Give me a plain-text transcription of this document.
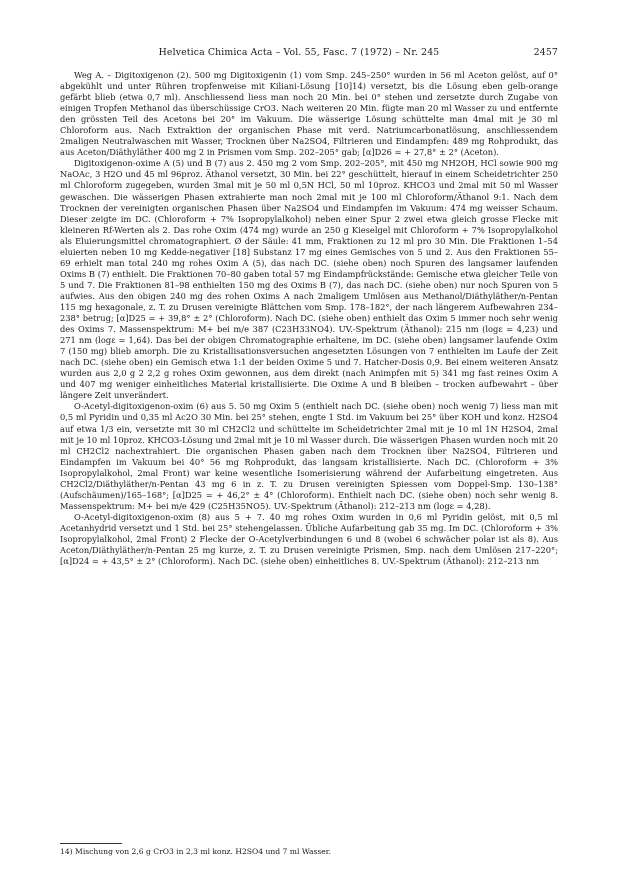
Helvetica Chimica Acta – Vol. 55, Fasc. 7 (1972) – Nr. 245	2457

Weg A. – Digitoxigenon (2). 500 mg Digitoxigenin (1) vom Smp. 245–250° wurden in 56 ml Aceton gelöst, auf 0° abgekühlt und unter Rühren tropfenweise mit Kiliani-Lösung [10]14) versetzt, bis die Lösung eben gelb-orange gefärbt blieb (etwa 0,7 ml). Anschliessend liess man noch 20 Min. bei 0° stehen und zersetzte durch Zugabe von einigen Tropfen Methanol das überschüssige CrO3. Nach weiteren 20 Min. fügte man 20 ml Wasser zu und entfernte den grössten Teil des Acetons bei 20° im Vakuum. Die wässerige Lösung schüttelte man 4mal mit je 30 ml Chloroform aus. Nach Extraktion der organischen Phase mit verd. Natriumcarbonatlösung, anschliessendem 2maligen Neutralwaschen mit Wasser, Trocknen über Na2SO4, Filtrieren und Eindampfen: 489 mg Rohprodukt, das aus Aceton/Diäthyläther 400 mg 2 in Prismen vom Smp. 202–205° gab; [α]D26 = + 27,8° ± 2° (Aceton).

Digitoxigenon-oxime A (5) und B (7) aus 2. 450 mg 2 vom Smp. 202–205°, mit 450 mg NH2OH, HCl sowie 900 mg NaOAc, 3 H2O und 45 ml 96proz. Äthanol versetzt, 30 Min. bei 22° geschüttelt, hierauf in einem Scheidetrichter 250 ml Chloroform zugegeben, wurden 3mal mit je 50 ml 0,5N HCl, 50 ml 10proz. KHCO3 und 2mal mit 50 ml Wasser gewaschen. Die wässerigen Phasen extrahierte man noch 2mal mit je 100 ml Chloroform/Äthanol 9:1. Nach dem Trocknen der vereinigten organischen Phasen über Na2SO4 und Eindampfen im Vakuum: 474 mg weisser Schaum. Dieser zeigte im DC. (Chloroform + 7% Isopropylalkohol) neben einer Spur 2 zwei etwa gleich grosse Flecke mit kleineren Rf-Werten als 2. Das rohe Oxim (474 mg) wurde an 250 g Kieselgel mit Chloroform + 7% Isopropylalkohol als Eluierungsmittel chromatographiert. Ø der Säule: 41 mm, Fraktionen zu 12 ml pro 30 Min. Die Fraktionen 1–54 eluierten neben 10 mg Kedde-negativer [18] Substanz 17 mg eines Gemisches von 5 und 2. Aus den Fraktionen 55–69 erhielt man total 240 mg rohes Oxim A (5), das nach DC. (siehe oben) noch Spuren des langsamer laufenden Oxims B (7) enthielt. Die Fraktionen 70–80 gaben total 57 mg Eindampfrückstände: Gemische etwa gleicher Teile von 5 und 7. Die Fraktionen 81–98 enthielten 150 mg des Oxims B (7), das nach DC. (siehe oben) nur noch Spuren von 5 aufwies. Aus den obigen 240 mg des rohen Oxims A nach 2maligem Umlösen aus Methanol/Diäthyläther/n-Pentan 115 mg hexagonale, z. T. zu Drusen vereinigte Blättchen vom Smp. 178–182°, der nach längerem Aufbewahren 234–238° betrug; [α]D25 = + 39,8° ± 2° (Chloroform). Nach DC. (siehe oben) enthielt das Oxim 5 immer noch sehr wenig des Oxims 7. Massenspektrum: M+ bei m/e 387 (C23H33NO4). UV.-Spektrum (Äthanol): 215 nm (logε = 4,23) und 271 nm (logε = 1,64). Das bei der obigen Chromatographie erhaltene, im DC. (siehe oben) langsamer laufende Oxim 7 (150 mg) blieb amorph. Die zu Kristallisationsversuchen angesetzten Lösungen von 7 enthielten im Laufe der Zeit nach DC. (siehe oben) ein Gemisch etwa 1:1 der beiden Oxime 5 und 7. Hatcher-Dosis 0,9. Bei einem weiteren Ansatz wurden aus 2,0 g 2 2,2 g rohes Oxim gewonnen, aus dem direkt (nach Animpfen mit 5) 341 mg fast reines Oxim A und 407 mg weniger einheitliches Material kristallisierte. Die Oxime A und B bleiben – trocken aufbewahrt – über längere Zeit unverändert.

O-Acetyl-digitoxigenon-oxim (6) aus 5. 50 mg Oxim 5 (enthielt nach DC. (siehe oben) noch wenig 7) liess man mit 0,5 ml Pyridin und 0,35 ml Ac2O 30 Min. bei 25° stehen, engte 1 Std. im Vakuum bei 25° über KOH und konz. H2SO4 auf etwa 1/3 ein, versetzte mit 30 ml CH2Cl2 und schüttelte im Scheidetrichter 2mal mit je 10 ml 1N H2SO4, 2mal mit je 10 ml 10proz. KHCO3-Lösung und 2mal mit je 10 ml Wasser durch. Die wässerigen Phasen wurden noch mit 20 ml CH2Cl2 nachextrahiert. Die organischen Phasen gaben nach dem Trocknen über Na2SO4, Filtrieren und Eindampfen im Vakuum bei 40° 56 mg Rohprodukt, das langsam kristallisierte. Nach DC. (Chloroform + 3% Isopropylalkohol, 2mal Front) war keine wesentliche Isomerisierung während der Aufarbeitung eingetreten. Aus CH2Cl2/Diäthyläther/n-Pentan 43 mg 6 in z. T. zu Drusen vereinigten Spiessen vom Doppel-Smp. 130–138° (Aufschäumen)/165–168°; [α]D25 = + 46,2° ± 4° (Chloroform). Enthielt nach DC. (siehe oben) noch sehr wenig 8. Massenspektrum: M+ bei m/e 429 (C25H35NO5). UV.-Spektrum (Äthanol): 212–213 nm (logε = 4,28).

O-Acetyl-digitoxigenon-oxim (8) aus 5 + 7. 40 mg rohes Oxim wurden in 0,6 ml Pyridin gelöst, mit 0,5 ml Acetanhydrid versetzt und 1 Std. bei 25° stehengelassen. Übliche Aufarbeitung gab 35 mg. Im DC. (Chloroform + 3% Isopropylalkohol, 2mal Front) 2 Flecke der O-Acetylverbindungen 6 und 8 (wobei 6 schwächer polar ist als 8). Aus Aceton/Diäthyläther/n-Pentan 25 mg kurze, z. T. zu Drusen vereinigte Prismen, Smp. nach dem Umlösen 217–220°; [α]D24 = + 43,5° ± 2° (Chloroform). Nach DC. (siehe oben) einheitliches 8. UV.-Spektrum (Äthanol): 212–213 nm

14) Mischung von 2,6 g CrO3 in 2,3 ml konz. H2SO4 und 7 ml Wasser.
